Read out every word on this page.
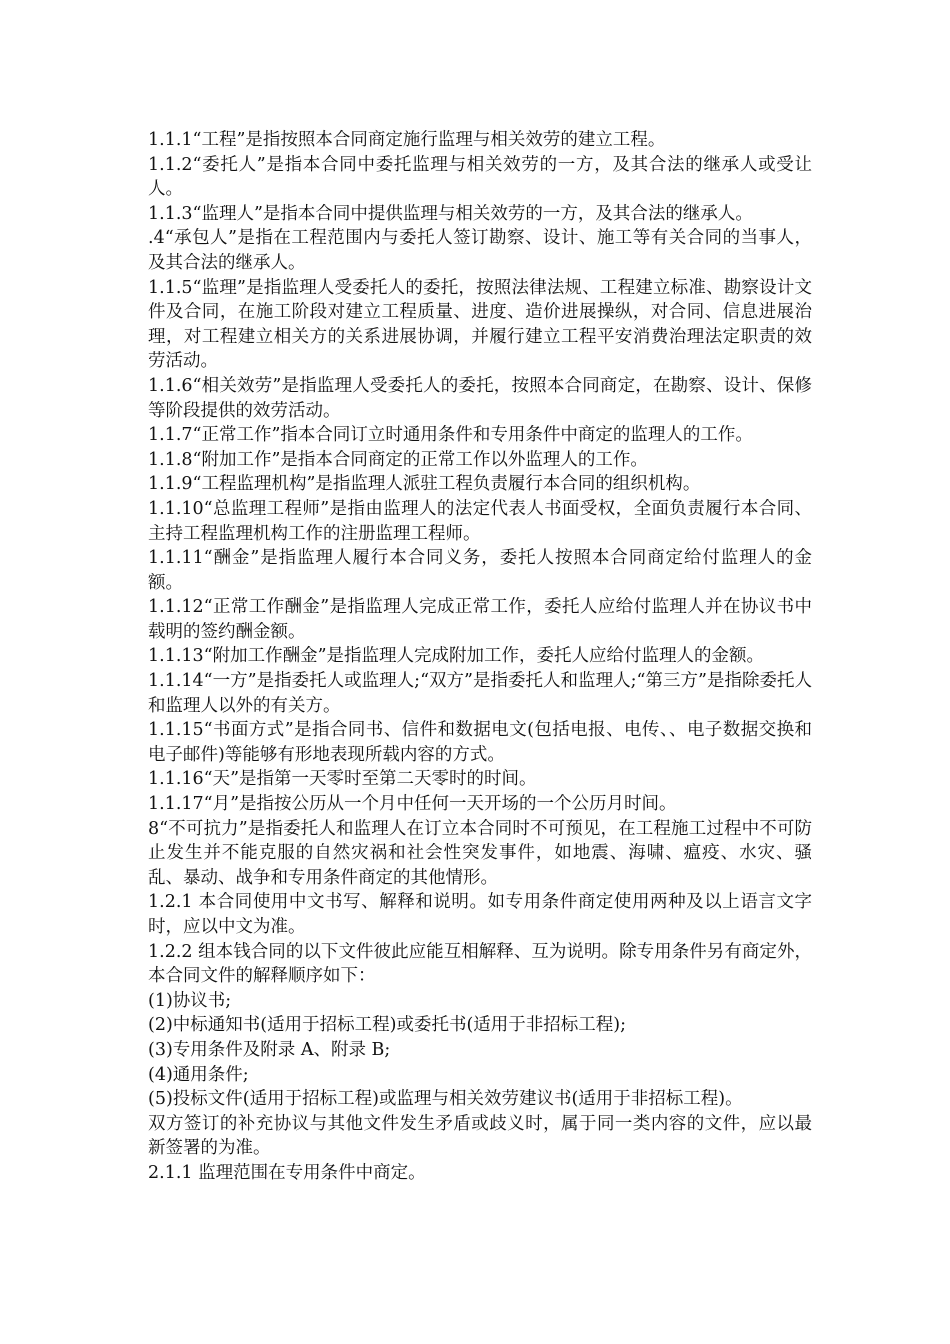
1.1.1“工程”是指按照本合同商定施行监理与相关效劳的建立工程。

1.1.2“委托人”是指本合同中委托监理与相关效劳的一方，及其合法的继承人或受让人。

1.1.3“监理人”是指本合同中提供监理与相关效劳的一方，及其合法的继承人。

.4“承包人”是指在工程范围内与委托人签订勘察、设计、施工等有关合同的当事人，及其合法的继承人。

1.1.5“监理”是指监理人受委托人的委托，按照法律法规、工程建立标准、勘察设计文件及合同，在施工阶段对建立工程质量、进度、造价进展操纵，对合同、信息进展治理，对工程建立相关方的关系进展协调，并履行建立工程平安消费治理法定职责的效劳活动。

1.1.6“相关效劳”是指监理人受委托人的委托，按照本合同商定，在勘察、设计、保修等阶段提供的效劳活动。

1.1.7“正常工作”指本合同订立时通用条件和专用条件中商定的监理人的工作。

1.1.8“附加工作”是指本合同商定的正常工作以外监理人的工作。

1.1.9“工程监理机构”是指监理人派驻工程负责履行本合同的组织机构。

1.1.10“总监理工程师”是指由监理人的法定代表人书面受权，全面负责履行本合同、主持工程监理机构工作的注册监理工程师。

1.1.11“酬金”是指监理人履行本合同义务，委托人按照本合同商定给付监理人的金额。

1.1.12“正常工作酬金”是指监理人完成正常工作，委托人应给付监理人并在协议书中载明的签约酬金额。

1.1.13“附加工作酬金”是指监理人完成附加工作，委托人应给付监理人的金额。

1.1.14“一方”是指委托人或监理人;“双方”是指委托人和监理人;“第三方”是指除委托人和监理人以外的有关方。

1.1.15“书面方式”是指合同书、信件和数据电文(包括电报、电传、、电子数据交换和电子邮件)等能够有形地表现所载内容的方式。

1.1.16“天”是指第一天零时至第二天零时的时间。

1.1.17“月”是指按公历从一个月中任何一天开场的一个公历月时间。

8“不可抗力”是指委托人和监理人在订立本合同时不可预见，在工程施工过程中不可防止发生并不能克服的自然灾祸和社会性突发事件，如地震、海啸、瘟疫、水灾、骚乱、暴动、战争和专用条件商定的其他情形。

1.2.1 本合同使用中文书写、解释和说明。如专用条件商定使用两种及以上语言文字时，应以中文为准。

1.2.2 组本钱合同的以下文件彼此应能互相解释、互为说明。除专用条件另有商定外，本合同文件的解释顺序如下：

(1)协议书;

(2)中标通知书(适用于招标工程)或委托书(适用于非招标工程);

(3)专用条件及附录 A、附录 B;

(4)通用条件;

(5)投标文件(适用于招标工程)或监理与相关效劳建议书(适用于非招标工程)。

双方签订的补充协议与其他文件发生矛盾或歧义时，属于同一类内容的文件，应以最新签署的为准。

2.1.1 监理范围在专用条件中商定。
